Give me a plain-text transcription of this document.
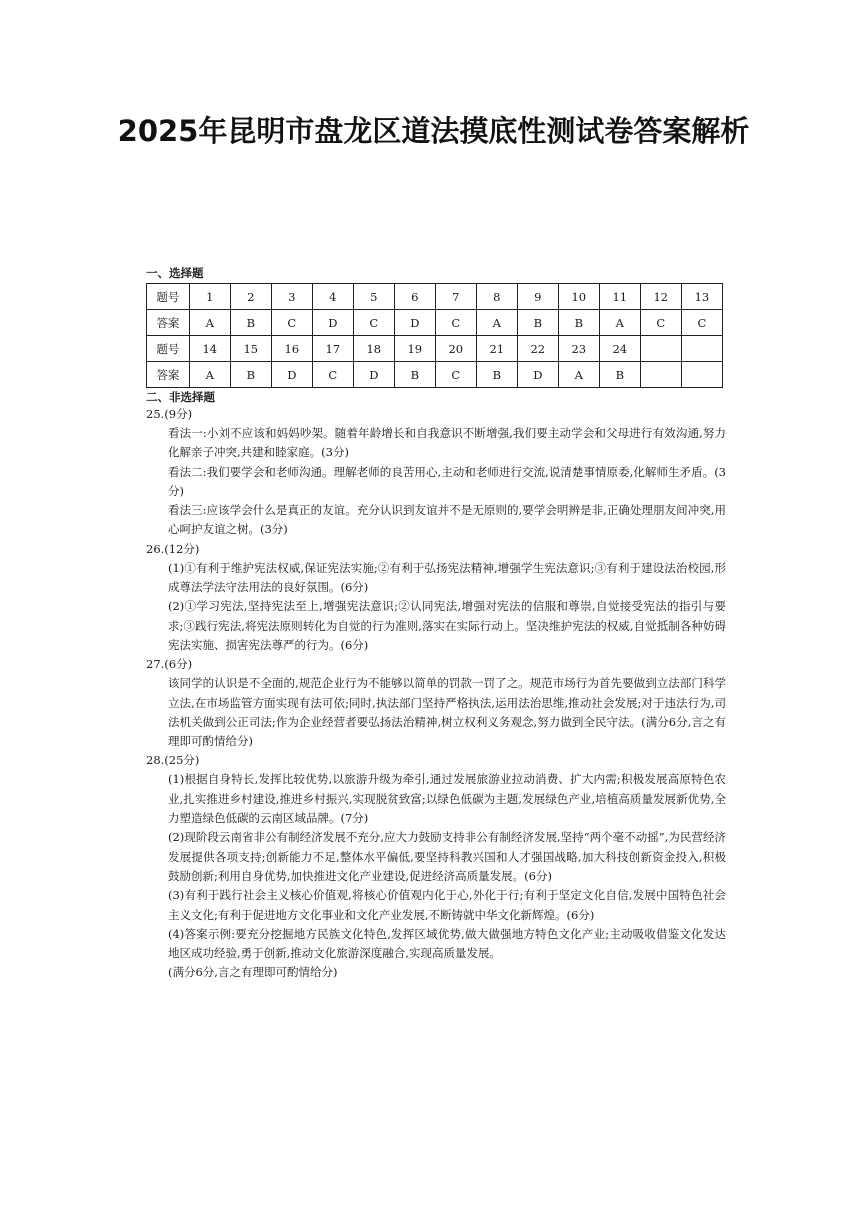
2025年昆明市盘龙区道法摸底性测试卷答案解析
一、选择题
题号	1	2	3	4	5	6	7	8	9	10	11	12	13
答案	A	B	C	D	C	D	C	A	B	B	A	C	C
题号	14	15	16	17	18	19	20	21	22	23	24		
答案	A	B	D	C	D	B	C	B	D	A	B		
二、非选择题

25.(9分)

看法一:小刘不应该和妈妈吵架。随着年龄增长和自我意识不断增强,我们要主动学会和父母进行有效沟通,努力化解亲子冲突,共建和睦家庭。(3分)

看法二:我们要学会和老师沟通。理解老师的良苦用心,主动和老师进行交流,说清楚事情原委,化解师生矛盾。(3分)

看法三:应该学会什么是真正的友谊。充分认识到友谊并不是无原则的,要学会明辨是非,正确处理朋友间冲突,用心呵护友谊之树。(3分)

26.(12分)

(1)①有利于维护宪法权威,保证宪法实施;②有利于弘扬宪法精神,增强学生宪法意识;③有利于建设法治校园,形成尊法学法守法用法的良好氛围。(6分)

(2)①学习宪法,坚持宪法至上,增强宪法意识;②认同宪法,增强对宪法的信服和尊崇,自觉接受宪法的指引与要求;③践行宪法,将宪法原则转化为自觉的行为准则,落实在实际行动上。坚决维护宪法的权威,自觉抵制各种妨碍宪法实施、损害宪法尊严的行为。(6分)

27.(6分)

该同学的认识是不全面的,规范企业行为不能够以简单的罚款一罚了之。规范市场行为首先要做到立法部门科学立法,在市场监管方面实现有法可依;同时,执法部门坚持严格执法,运用法治思维,推动社会发展;对于违法行为,司法机关做到公正司法;作为企业经营者要弘扬法治精神,树立权利义务观念,努力做到全民守法。(满分6分,言之有理即可酌情给分)

28.(25分)

(1)根据自身特长,发挥比较优势,以旅游升级为牵引,通过发展旅游业拉动消费、扩大内需;积极发展高原特色农业,扎实推进乡村建设,推进乡村振兴,实现脱贫致富;以绿色低碳为主题,发展绿色产业,培植高质量发展新优势,全力塑造绿色低碳的云南区域品牌。(7分)

(2)现阶段云南省非公有制经济发展不充分,应大力鼓励支持非公有制经济发展,坚持“两个毫不动摇”,为民营经济发展提供各项支持;创新能力不足,整体水平偏低,要坚持科教兴国和人才强国战略,加大科技创新资金投入,积极鼓励创新;利用自身优势,加快推进文化产业建设,促进经济高质量发展。(6分)

(3)有利于践行社会主义核心价值观,将核心价值观内化于心,外化于行;有利于坚定文化自信,发展中国特色社会主义文化;有利于促进地方文化事业和文化产业发展,不断铸就中华文化新辉煌。(6分)

(4)答案示例:要充分挖掘地方民族文化特色,发挥区域优势,做大做强地方特色文化产业;主动吸收借鉴文化发达地区成功经验,勇于创新,推动文化旅游深度融合,实现高质量发展。

(满分6分,言之有理即可酌情给分)
